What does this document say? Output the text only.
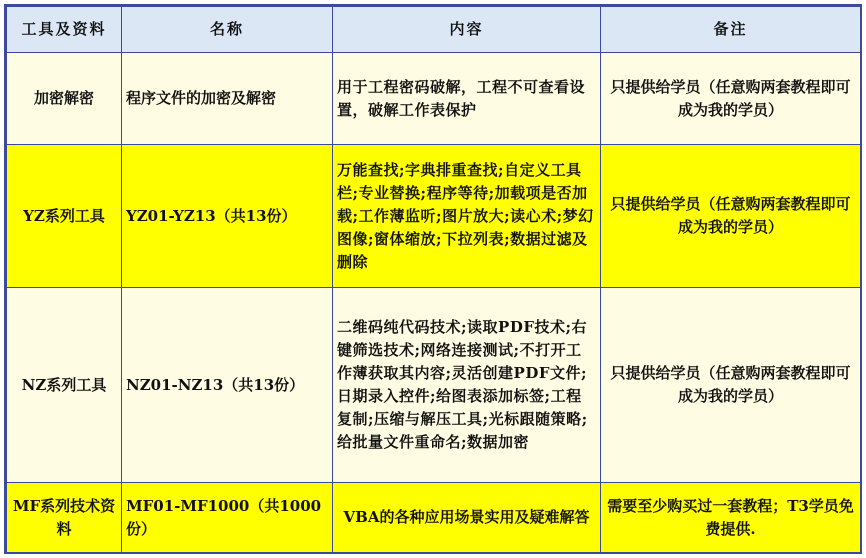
工具及资料	名称	内容	备注
加密解密	程序文件的加密及解密	用于工程密码破解，工程不可查看设置，破解工作表保护	只提供给学员（任意购两套教程即可成为我的学员）
YZ系列工具	YZ01-YZ13（共13份）	万能查找;字典排重查找;自定义工具栏;专业替换;程序等待;加载项是否加载;工作薄监听;图片放大;读心术;梦幻图像;窗体缩放;下拉列表;数据过滤及删除	只提供给学员（任意购两套教程即可成为我的学员）
NZ系列工具	NZ01-NZ13（共13份）	二维码纯代码技术;读取PDF技术;右键筛选技术;网络连接测试;不打开工作薄获取其内容;灵活创建PDF文件;日期录入控件;给图表添加标签;工程复制;压缩与解压工具;光标跟随策略;给批量文件重命名;数据加密	只提供给学员（任意购两套教程即可成为我的学员）
MF系列技术资料	MF01-MF1000（共1000份）	VBA的各种应用场景实用及疑难解答	需要至少购买过一套教程；T3学员免费提供.
